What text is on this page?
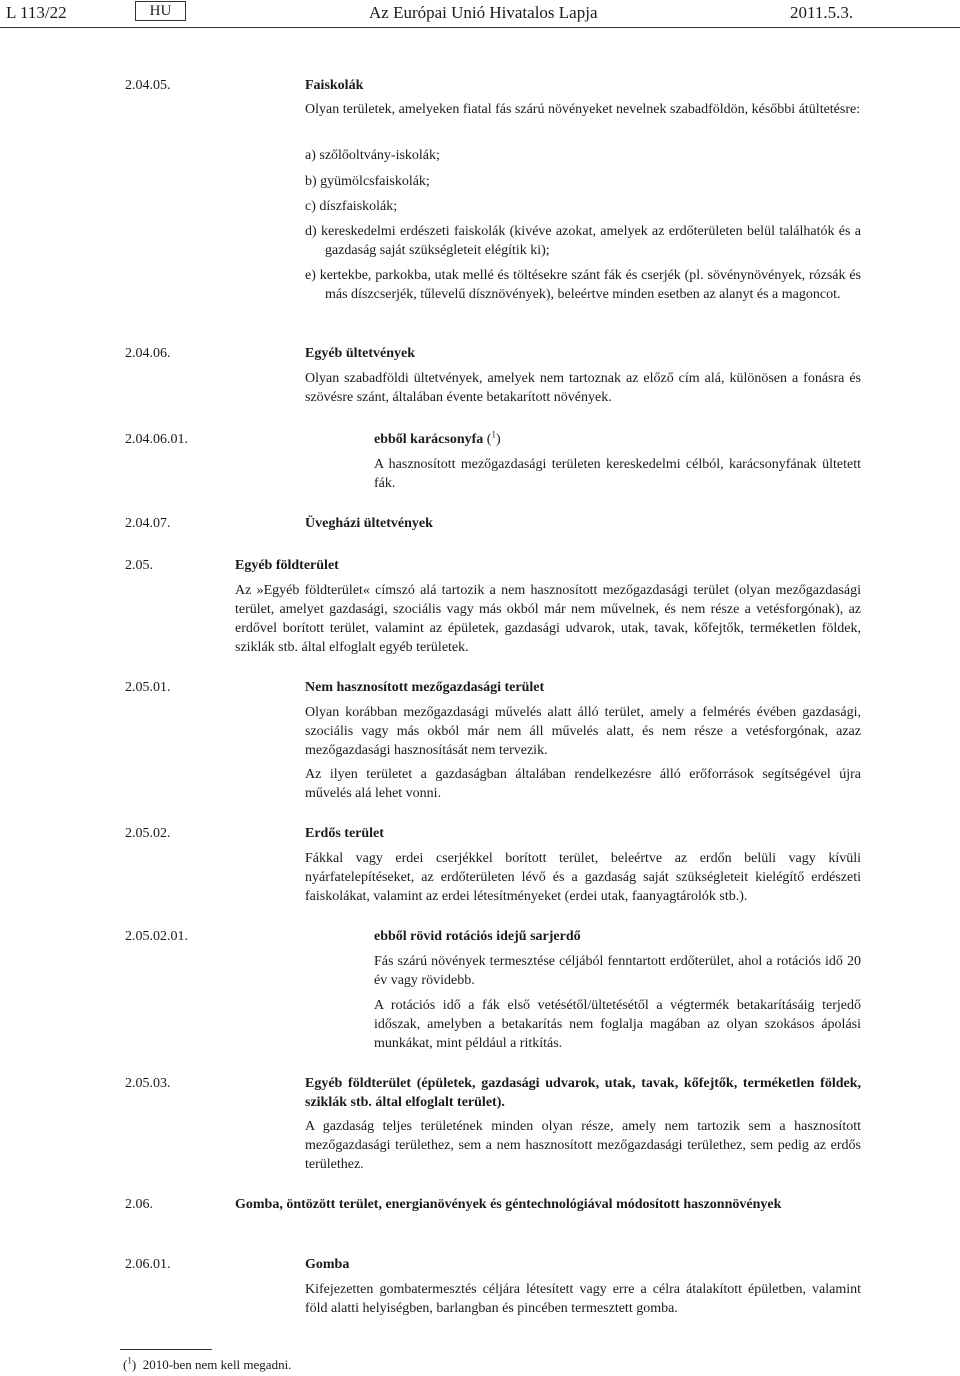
L 113/22	HU	Az Európai Unió Hivatalos Lapja	2011.5.3.

2.04.05.	Faiskolák

Olyan területek, amelyeken fiatal fás szárú növényeket nevelnek szabadföldön, későbbi átültetésre:

a) szőlőoltvány-iskolák;

b) gyümölcsfaiskolák;

c) díszfaiskolák;

d) kereskedelmi erdészeti faiskolák (kivéve azokat, amelyek az erdőterületen belül találhatók és a gazdaság saját szükségleteit elégítik ki);

e) kertekbe, parkokba, utak mellé és töltésekre szánt fák és cserjék (pl. sövénynövények, rózsák és más díszcserjék, tűlevelű dísznövények), beleértve minden esetben az alanyt és a magoncot.

2.04.06.	Egyéb ültetvények

Olyan szabadföldi ültetvények, amelyek nem tartoznak az előző cím alá, különösen a fonásra és szövésre szánt, általában évente betakarított növények.

2.04.06.01.	ebből karácsonyfa ($^1$)

A hasznosított mezőgazdasági területen kereskedelmi célból, karácsonyfának ültetett fák.

2.04.07.	Üvegházi ültetvények

2.05.	Egyéb földterület

Az »Egyéb földterület« címszó alá tartozik a nem hasznosított mezőgazdasági terület (olyan mezőgazdasági terület, amelyet gazdasági, szociális vagy más okból már nem művelnek, és nem része a vetésforgónak), az erdővel borított terület, valamint az épületek, gazdasági udvarok, utak, tavak, kőfejtők, terméketlen földek, sziklák stb. által elfoglalt egyéb területek.

2.05.01.	Nem hasznosított mezőgazdasági terület

Olyan korábban mezőgazdasági művelés alatt álló terület, amely a felmérés évében gazdasági, szociális vagy más okból már nem áll művelés alatt, és nem része a vetésforgónak, azaz mezőgazdasági hasznosítását nem tervezik.

Az ilyen területet a gazdaságban általában rendelkezésre álló erőforrások segítségével újra művelés alá lehet vonni.

2.05.02.	Erdős terület

Fákkal vagy erdei cserjékkel borított terület, beleértve az erdőn belüli vagy kívüli nyárfatelepítéseket, az erdőterületen lévő és a gazdaság saját szükségleteit kielégítő erdészeti faiskolákat, valamint az erdei létesítményeket (erdei utak, faanyagtárolók stb.).

2.05.02.01.	ebből rövid rotációs idejű sarjerdő

Fás szárú növények termesztése céljából fenntartott erdőterület, ahol a rotációs idő 20 év vagy rövidebb.

A rotációs idő a fák első vetésétől/ültetésétől a végtermék betakarításáig terjedő időszak, amelyben a betakarítás nem foglalja magában az olyan szokásos ápolási munkákat, mint például a ritkítás.

2.05.03.	Egyéb földterület (épületek, gazdasági udvarok, utak, tavak, kőfejtők, terméketlen földek, sziklák stb. által elfoglalt terület).

A gazdaság teljes területének minden olyan része, amely nem tartozik sem a hasznosított mezőgazdasági területhez, sem a nem hasznosított mezőgazdasági területhez, sem pedig az erdős területhez.

2.06.	Gomba, öntözött terület, energianövények és géntechnológiával módosított haszonnövények

2.06.01.	Gomba

Kifejezetten gombatermesztés céljára létesített vagy erre a célra átalakított épületben, valamint föld alatti helyiségben, barlangban és pincében termesztett gomba.

($^1$)  2010-ben nem kell megadni.
